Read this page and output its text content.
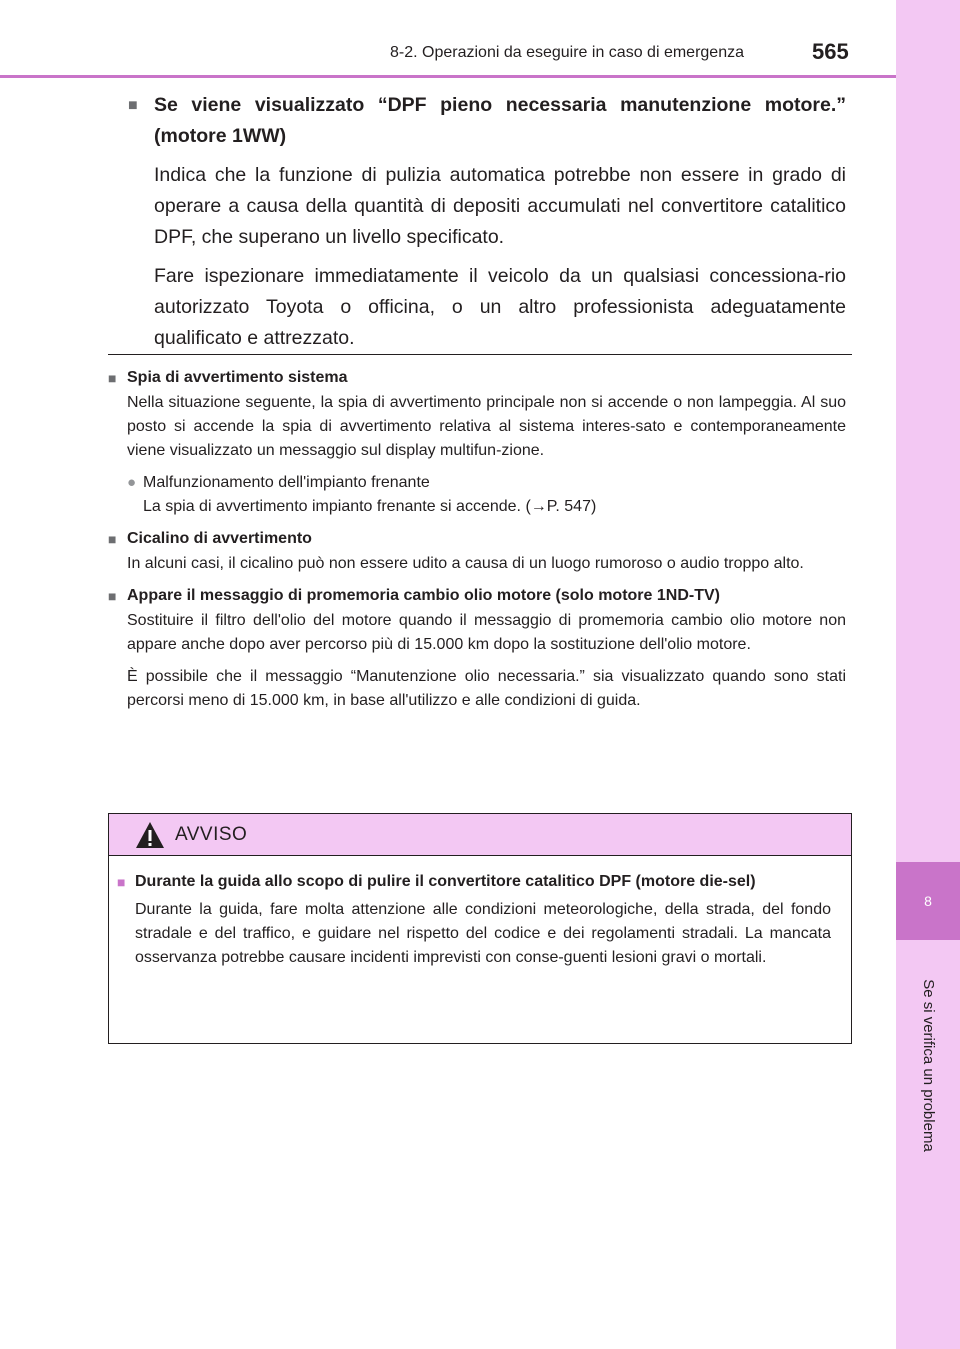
8
Se si verifica un problema
8-2. Operazioni da eseguire in caso di emergenza	565
■ Se viene visualizzato “DPF pieno necessaria manutenzione motore.” (motore 1WW)

Indica che la funzione di pulizia automatica potrebbe non essere in grado di operare a causa della quantità di depositi accumulati nel convertitore catalitico DPF, che superano un livello specificato.

Fare ispezionare immediatamente il veicolo da un qualsiasi concessiona-rio autorizzato Toyota o officina, o un altro professionista adeguatamente qualificato e attrezzato.

■ Spia di avvertimento sistema
Nella situazione seguente, la spia di avvertimento principale non si accende o non lampeggia. Al suo posto si accende la spia di avvertimento relativa al sistema interes-sato e contemporaneamente viene visualizzato un messaggio sul display multifun-zione.
● Malfunzionamento dell'impianto frenante
La spia di avvertimento impianto frenante si accende. (→P. 547)
■ Cicalino di avvertimento
In alcuni casi, il cicalino può non essere udito a causa di un luogo rumoroso o audio troppo alto.
■ Appare il messaggio di promemoria cambio olio motore (solo motore 1ND-TV)
Sostituire il filtro dell'olio del motore quando il messaggio di promemoria cambio olio motore non appare anche dopo aver percorso più di 15.000 km dopo la sostituzione dell'olio motore.
È possibile che il messaggio “Manutenzione olio necessaria.” sia visualizzato quando sono stati percorsi meno di 15.000 km, in base all'utilizzo e alle condizioni di guida.
AVVISO
■ Durante la guida allo scopo di pulire il convertitore catalitico DPF (motore die-sel)
Durante la guida, fare molta attenzione alle condizioni meteorologiche, della strada, del fondo stradale e del traffico, e guidare nel rispetto del codice e dei regolamenti stradali. La mancata osservanza potrebbe causare incidenti imprevisti con conse-guenti lesioni gravi o mortali.
